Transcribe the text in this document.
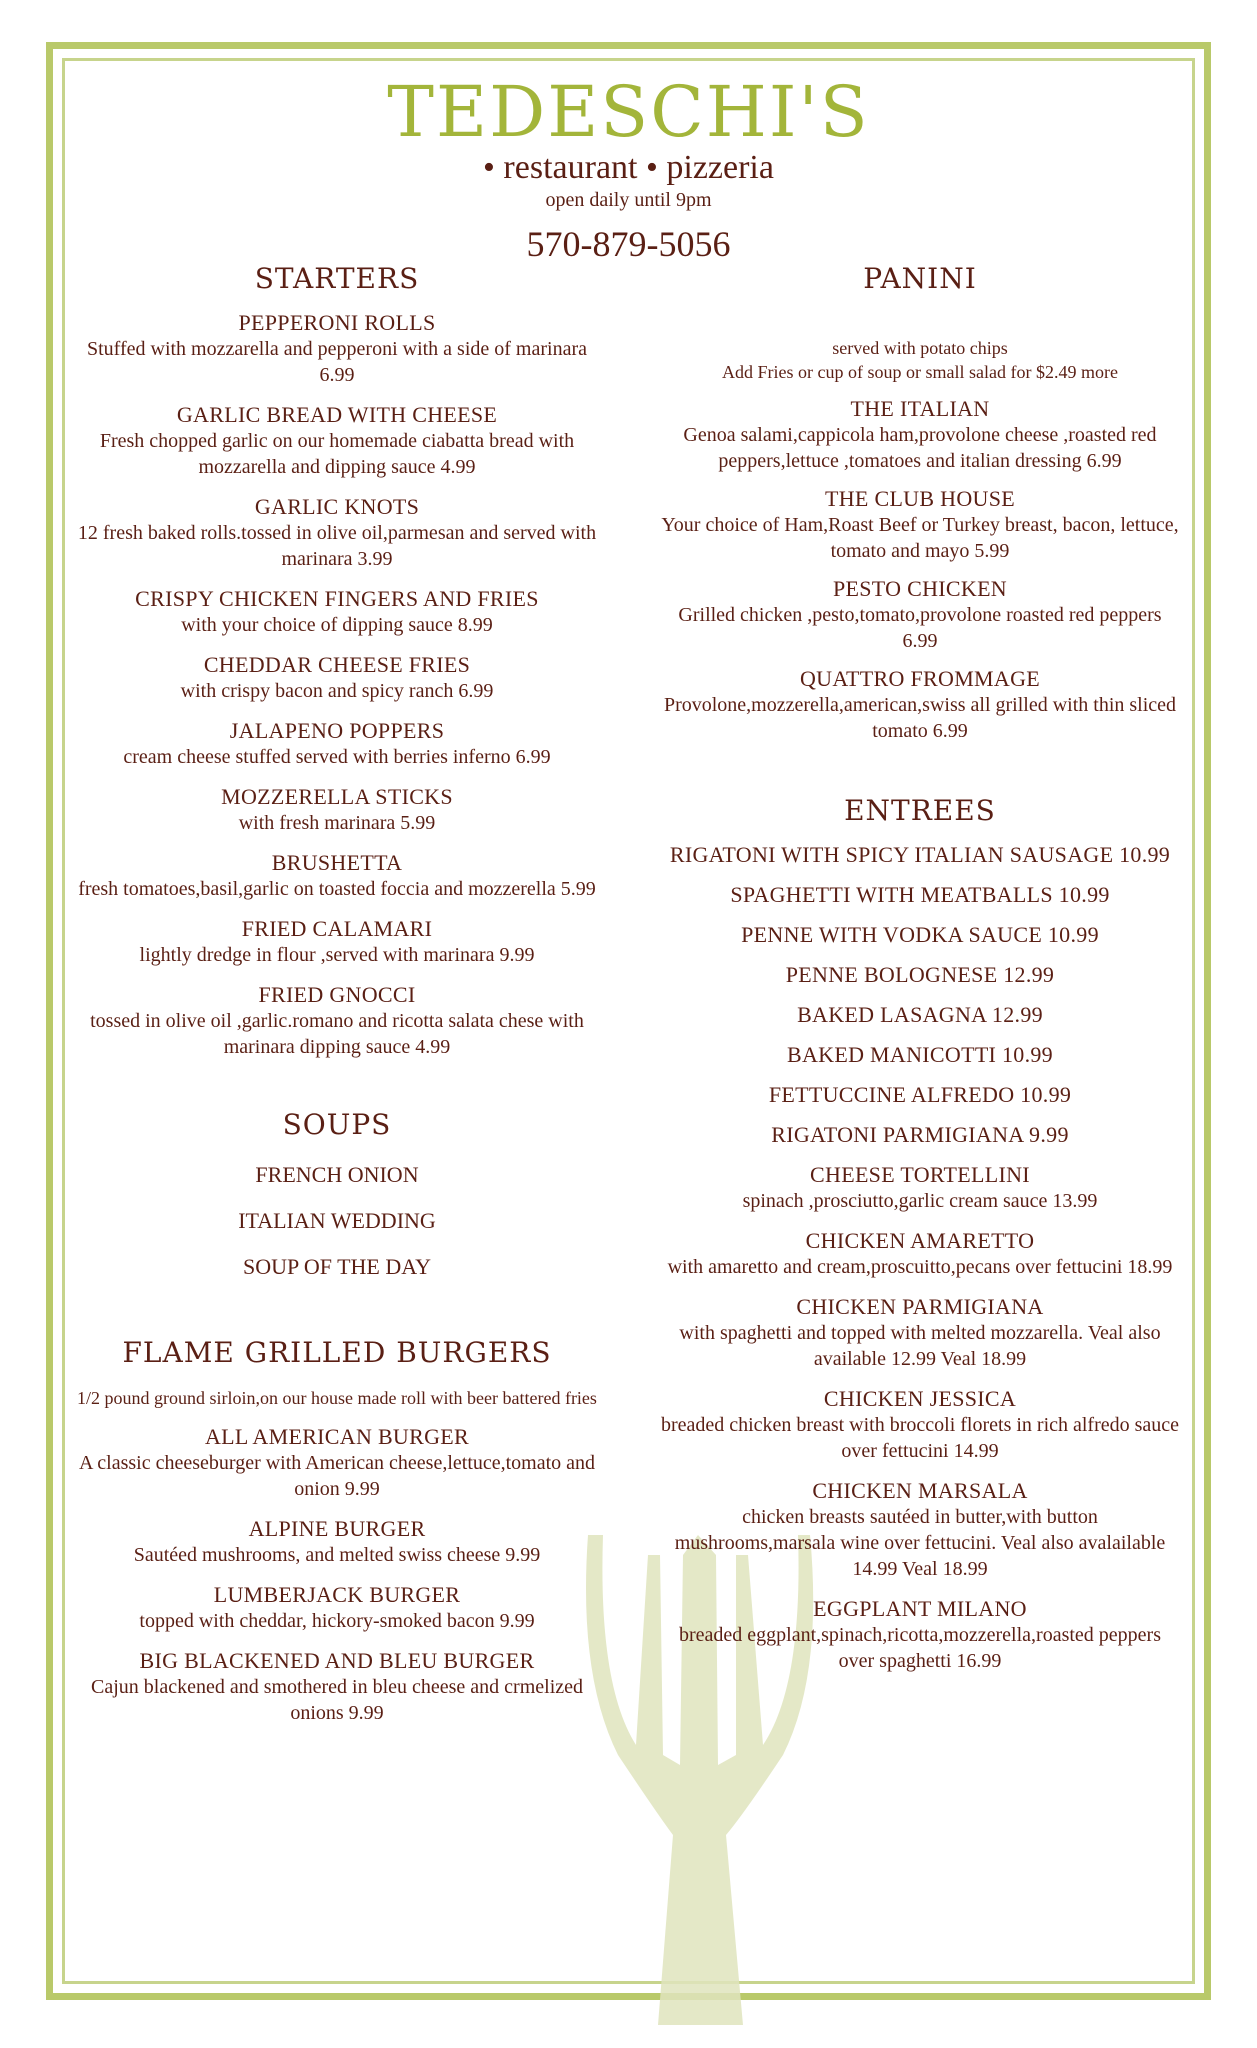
TEDESCHI'S
• restaurant • pizzeria
open daily until 9pm
570-879-5056
STARTERS
PEPPERONI ROLLS
Stuffed with mozzarella and pepperoni with a side of marinara 6.99
GARLIC BREAD WITH CHEESE
Fresh chopped garlic on our homemade ciabatta bread with mozzarella and dipping sauce 4.99
GARLIC KNOTS
12 fresh baked rolls.tossed in olive oil,parmesan and served with marinara 3.99
CRISPY CHICKEN FINGERS AND FRIES
with your choice of dipping sauce 8.99
CHEDDAR CHEESE FRIES
with crispy bacon and spicy ranch 6.99
JALAPENO POPPERS
cream cheese stuffed served with berries inferno 6.99
MOZZERELLA STICKS
with fresh marinara 5.99
BRUSHETTA
fresh tomatoes,basil,garlic on toasted foccia and mozzerella 5.99
FRIED CALAMARI
lightly dredge in flour ,served with marinara 9.99
FRIED GNOCCI
tossed in olive oil ,garlic.romano and ricotta salata chese with marinara dipping sauce 4.99
SOUPS
FRENCH ONION
ITALIAN WEDDING
SOUP OF THE DAY
FLAME GRILLED BURGERS
1/2 pound ground sirloin,on our house made roll with beer battered fries
ALL AMERICAN BURGER
A classic cheeseburger with American cheese,lettuce,tomato and onion 9.99
ALPINE BURGER
Sautéed mushrooms, and melted swiss cheese 9.99
LUMBERJACK BURGER
topped with cheddar, hickory-smoked bacon 9.99
BIG BLACKENED AND BLEU BURGER
Cajun blackened and smothered in bleu cheese and crmelized onions 9.99
PANINI
served with potato chips
Add Fries or cup of soup or small salad for $2.49 more
THE ITALIAN
Genoa salami,cappicola ham,provolone cheese ,roasted red peppers,lettuce ,tomatoes and italian dressing 6.99
THE CLUB HOUSE
Your choice of Ham,Roast Beef or Turkey breast, bacon, lettuce, tomato and mayo 5.99
PESTO CHICKEN
Grilled chicken ,pesto,tomato,provolone roasted red peppers 6.99
QUATTRO FROMMAGE
Provolone,mozzerella,american,swiss all grilled with thin sliced tomato 6.99
ENTREES
RIGATONI WITH SPICY ITALIAN SAUSAGE 10.99
SPAGHETTI WITH MEATBALLS 10.99
PENNE WITH VODKA SAUCE 10.99
PENNE BOLOGNESE 12.99
BAKED LASAGNA 12.99
BAKED MANICOTTI 10.99
FETTUCCINE ALFREDO 10.99
RIGATONI PARMIGIANA 9.99
CHEESE TORTELLINI
spinach ,prosciutto,garlic cream sauce 13.99
CHICKEN AMARETTO
with amaretto and cream,proscuitto,pecans over fettucini 18.99
CHICKEN PARMIGIANA
with spaghetti and topped with melted mozzarella. Veal also available 12.99 Veal 18.99
CHICKEN JESSICA
breaded chicken breast with broccoli florets in rich alfredo sauce over fettucini 14.99
CHICKEN MARSALA
chicken breasts sautéed in butter,with button mushrooms,marsala wine over fettucini. Veal also avalailable 14.99 Veal 18.99
EGGPLANT MILANO
breaded eggplant,spinach,ricotta,mozzerella,roasted peppers over spaghetti 16.99
